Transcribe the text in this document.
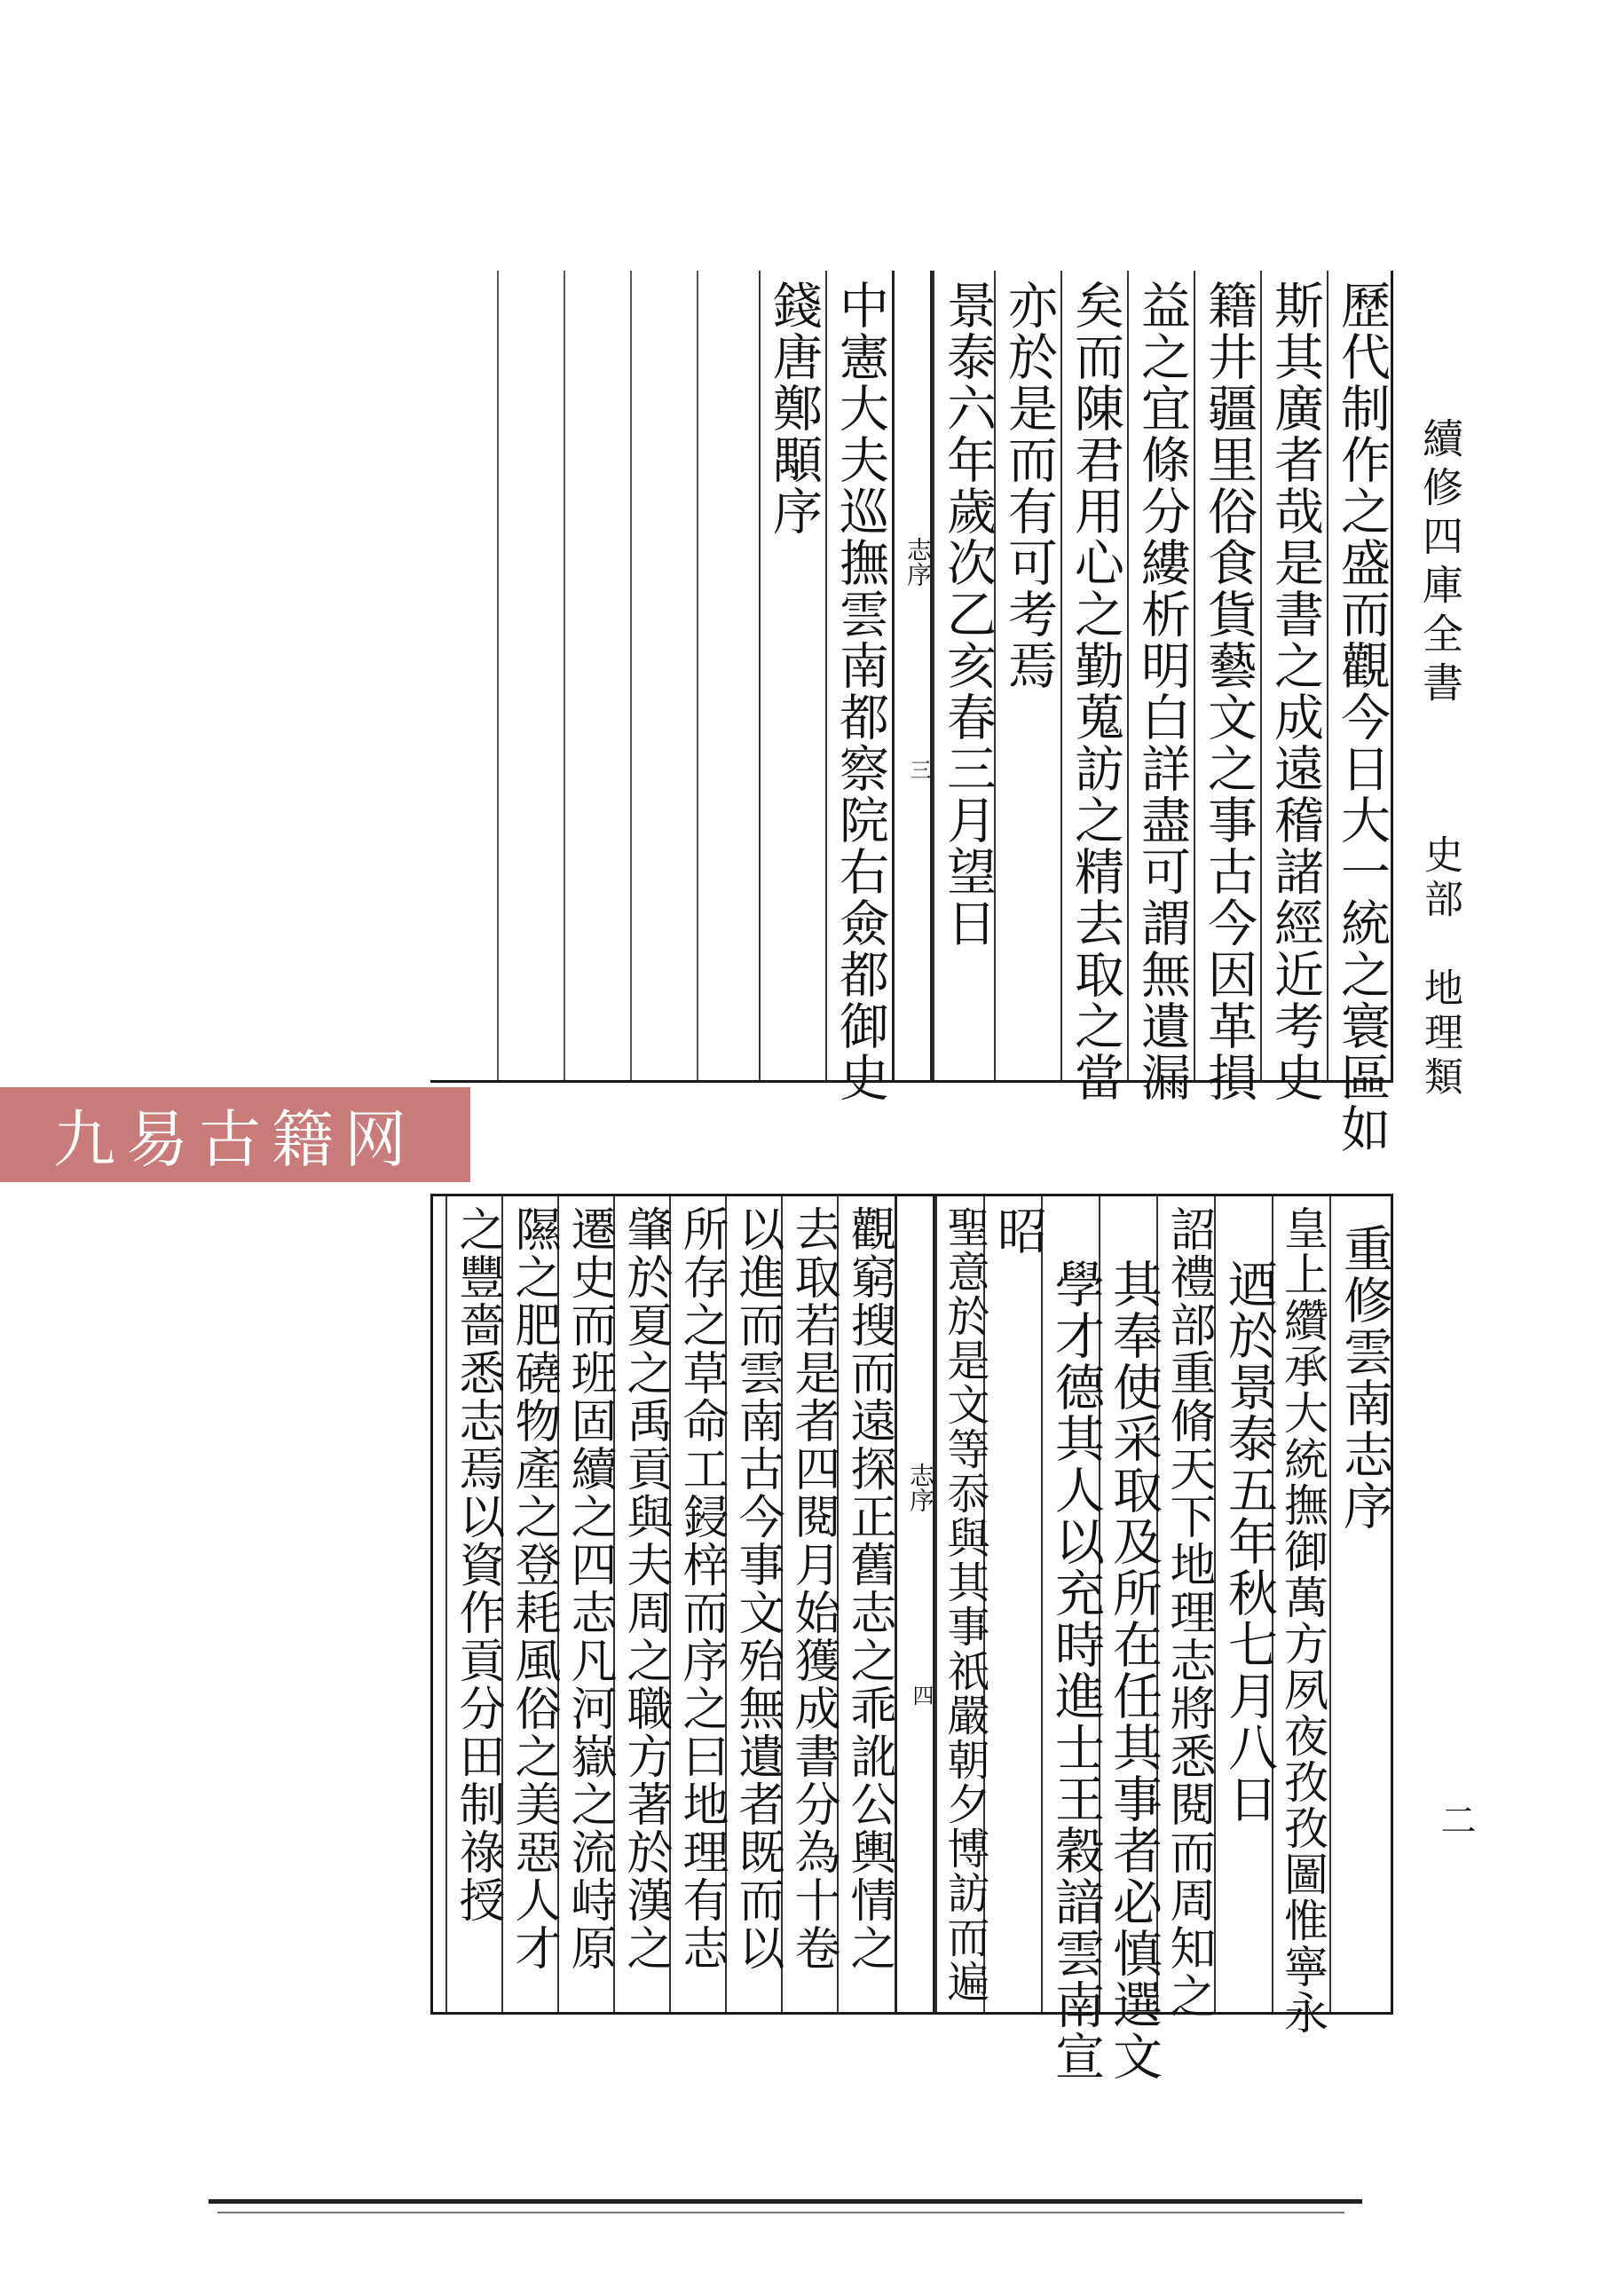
續修四庫全書
史部　地理類
二
歷代制作之盛而觀今日大一統之寰區如
斯其廣者哉是書之成遠稽諸經近考史
籍井疆里俗食貨藝文之事古今因革損
益之宜條分縷析明白詳盡可謂無遺漏
矣而陳君用心之勤蒐訪之精去取之當
亦於是而有可考焉
景泰六年歲次乙亥春三月望日
志序
三
中憲大夫巡撫雲南都察院右僉都御史
錢唐鄭顒序
重修雲南志序
皇上纘承大統撫御萬方夙夜孜孜圖惟寧永
迺於景泰五年秋七月八日
詔禮部重脩天下地理志將悉閱而周知之
其奉使采取及所在任其事者必慎選文
學才德其人以充時進士王穀諳雲南宣
昭
聖意於是文等忝與其事祇嚴朝夕博訪而遍
志序
四
觀窮搜而遠探正舊志之乖訛公輿情之
去取若是者四閱月始獲成書分為十卷
以進而雲南古今事文殆無遺者既而以
所存之草命工鋟梓而序之曰地理有志
肇於夏之禹貢與夫周之職方著於漢之
遷史而班固續之四志凡河嶽之流峙原
隰之肥磽物產之登耗風俗之美惡人才
之豐嗇悉志焉以資作貢分田制祿授
九易古籍网
